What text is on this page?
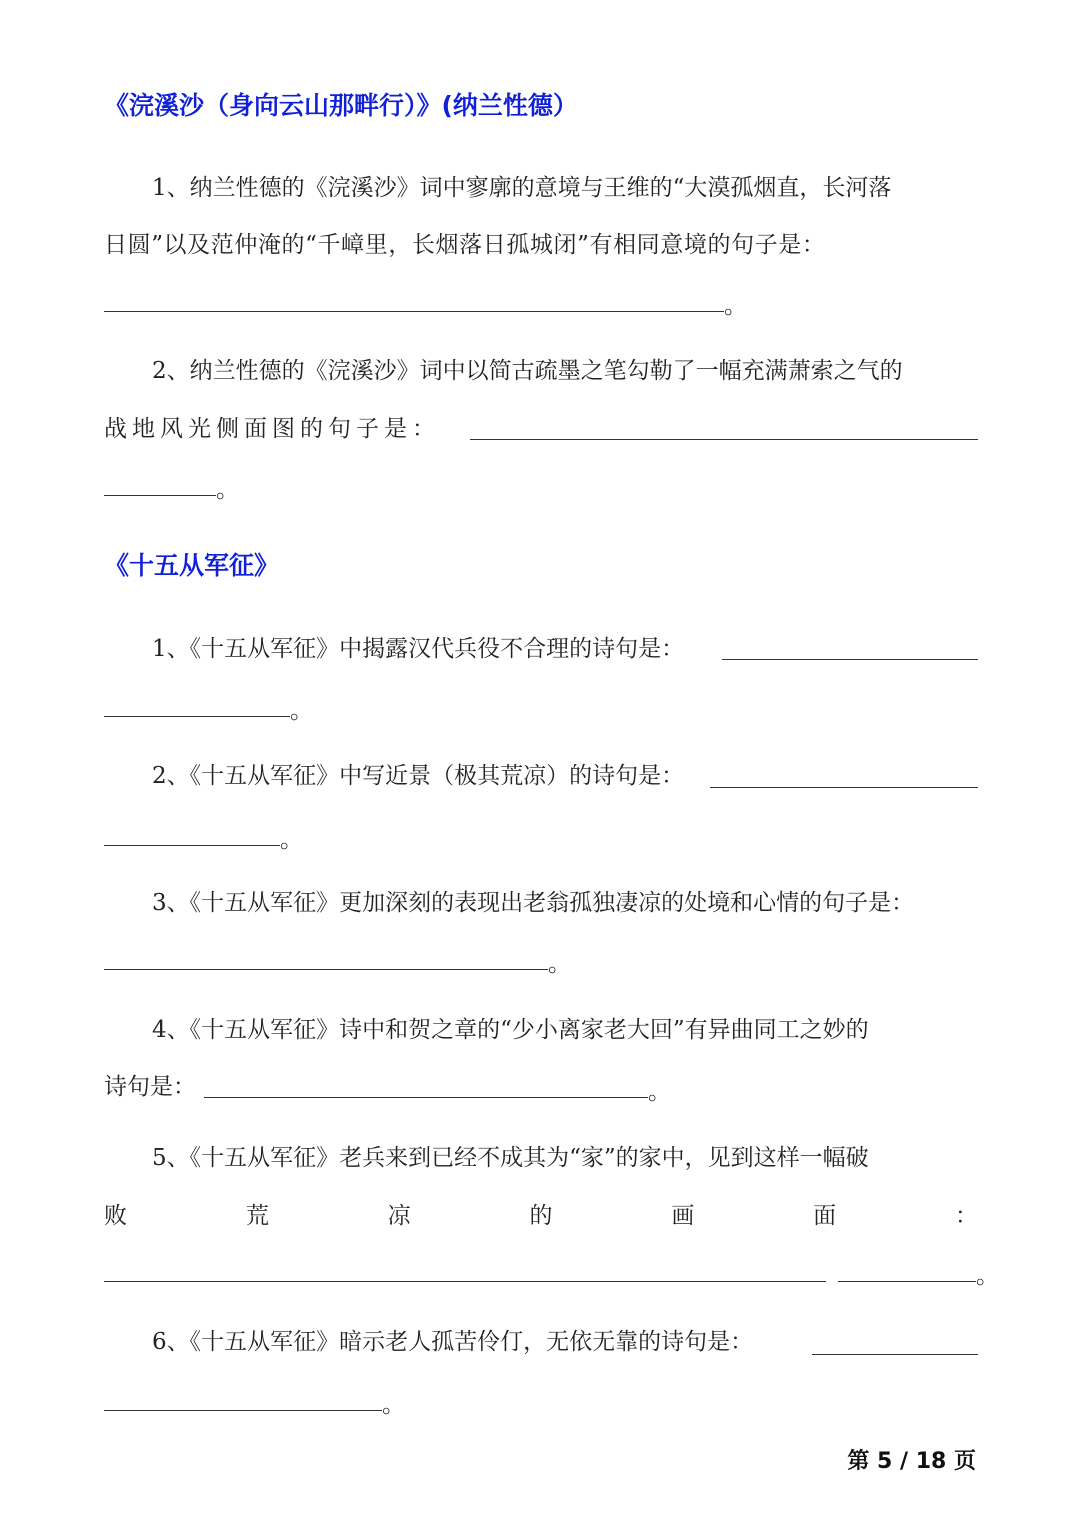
《浣溪沙（身向云山那畔行）》(纳兰性德）
1、纳兰性德的《浣溪沙》词中寥廓的意境与王维的“大漠孤烟直，长河落
日圆”以及范仲淹的“千嶂里，长烟落日孤城闭”有相同意境的句子是：
。
2、纳兰性德的《浣溪沙》词中以简古疏墨之笔勾勒了一幅充满萧索之气的
战地风光侧面图的句子是：
。
《十五从军征》
1、《十五从军征》中揭露汉代兵役不合理的诗句是：
。
2、《十五从军征》中写近景（极其荒凉）的诗句是：
。
3、《十五从军征》更加深刻的表现出老翁孤独凄凉的处境和心情的句子是：
。
4、《十五从军征》诗中和贺之章的“少小离家老大回”有异曲同工之妙的
诗句是：	。
5、《十五从军征》老兵来到已经不成其为“家”的家中，见到这样一幅破
败	荒	凉	的	画	面	：
。
6、《十五从军征》暗示老人孤苦伶仃，无依无靠的诗句是：
。
第 5 / 18 页
